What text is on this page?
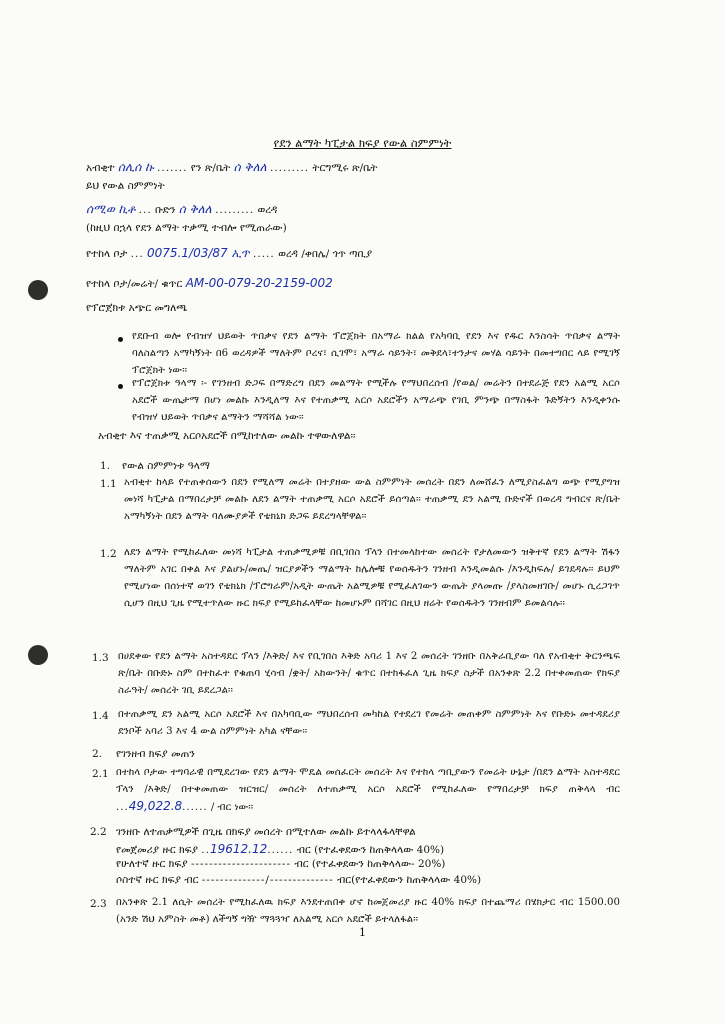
የደን ልማት ካፒታል ክፍያ የውል ስምምነት
አብቂተ ሰሊሰ ኩ ....... የን ጽ/ቤት ሰ ቅለለ ......... ትርግሚሩ ጽ/ቤት
ይህ የውል ስምምነት
ሰሚወ ኪቶ ... ቡድን ሰ ቅለለ ......... ወረዳ
(ከዚህ በኋላ የደን ልማት ተቃሚ ተብሎ የሚጠራው)
የተከላ ቦታ ... 0075.1/03/87 ኢጥ ..... ወረዳ /ቀበሌ/ ጎጥ ጣቢያ
የተከላ ቦታ/መሬት/ ቁጥር AM-00-079-20-2159-002
የፕሮጀክቱ አጭር መግለጫ
የደቡብ ወሎ የብዝሃ ህይወት ጥበቃና የደን ልማት ፕሮጀክት በአማራ ክልል የአካባቢ የደን እና የዱር እንስሳት ጥበቃና ልማት ባለስልጣን አማካኝነት በ6 ወረዳዎች ማለትም ቦረና፣ ሲገሞ፣ አማራ ሳይንት፣ መቅደላ፣ተንታና መሃል ሳይንት በመተግበር ላይ የሚገኝ ፕሮጀክት ነው፡፡
የፕሮጀክቱ ዓላማ ፡- የገንዘብ ድጋፍ በማድረግ በደን መልማት የሚችሉ የማህበረሰብ /የወል/ መሬትን በተደራጅ የደን አልሚ አርሶ አደሮች ውጤታማ በሆነ መልኩ እንዲለማ እና የተጠቃሚ አርሶ አደሮችን አማራጭ የገቢ ምንጭ በማስፋት ጉድኝትን እንዲቀንሱ የብዝሃ ህይወት ጥበቃና ልማትን ማሻሻል ነው፡፡
አብቂተ እና ተጠቃሚ አርሶአደሮች በሚከተለው መልኩ ተዋውለዋል፡፡
1. የውል ስምምነቱ ዓላማ
1.1 አብቂተ ከላይ የተጠቀሰውን በደን የሚለማ መሬት በተያዘው ውል ስምምነት መሰረት በደን ለመሸፈን ለሚያስፈልግ ወጭ የሚያግዝ መነሻ ካፒታል በማበረታቻ መልኩ ለደን ልማት ተጠቃሚ አርሶ አደሮች ይሰጣል፡፡ ተጠቃሚ ደን አልሚ ቡድኖች በወረዳ ግብርና ጽ/ቤት አማካኝነት በደን ልማት ባለሙያዎች የቴክኒክ ድጋፍ ይደረግላቸዋል፡፡
1.2 ለደን ልማት የሚከፈለው መነሻ ካፒታል ተጠቃሚዎቹ በቢገበስ ፕላን በተመላከተው መሰረት የታለመውን ዝቅተኛ የደን ልማት ሽፋን ማለትም አገር በቀል እና ያልሆኑ/መጤ/ ዝርያዎችን ማልማት ከሌሎቹ የወሰዱትን ገንዘብ እንዲመልሱ /እንዲከፍሉ/ ይገደዳሉ፡፡ ይህም የሚሆነው በሰነተኛ ወገን የቴክኒክ /ፕሮግራም/አዲት ውጤት አልሚዎቹ የሚፈለገውን ውጤት ያላመጡ /ያላስመዘገቡ/ መሆኑ ሲረጋገጥ ሲሆን በዚህ ጊዜ የሚተጥለው ዙር ክፍያ የሚይከፈላቸው ከመሆኑም በሻገር በዚህ ዘሬት የወሰዱትን ገንዘብም ይመልሳሉ፡፡
1.3 በሀደቀው የደን ልማት አስተዳደር ፕላን /እቅድ/ እና የቢገበስ እቅድ አባሪ 1 እና 2 መሰረት ገንዘቡ በአቅራቢያው ባለ የአብቂተ ቅርንጫፍ ጽ/ቤት በቡድኑ ስም በተከፈተ የቁጠባ ሂሳብ /ቋት/ አከውንት/ ቁጥር በተከፋፈለ ጊዜ ክፍያ ስታች በአንቀጽ 2.2 በተቀመጠው የክፍያ ስራዓት/ መሰረት ገቢ ይደረጋል፡፡
1.4 በተጠቃሚ ደን አልሚ አርሶ አደሮች እና በአካባቢው ማህበረሰብ መካከል የተደረገ የመሬት መጠቀም ስምምነት እና የቡድኑ መተዳደሪያ ደንቦች አባሪ 3 እና 4 ውል ስምምነት አካል ናቸው፡፡
2. የገንዘብ ክፍያ መጠን
2.1 በተከላ ቦታው ተግባራዊ በሚደረገው የደን ልማት ሞዴል መሰፈርት መሰረት እና የተከላ ጣቢያውን የመሬት ሁኔታ /በደን ልማት አስተዳደር ፕላን /እቅድ/ በተቀመጠው ዝርዝር/ መሰረት ለተጠቃሚ አርሶ አደሮች የሚከፈለው የማበረታቻ ክፍያ ጠቅላላ ብር ...49,022.8...... / ብር ነው፡፡
2.2 ገንዘቡ ለተጠቃሚዎች በጊዜ በክፍያ መሰረት በሚተለው መልኩ ይተላላፋላቸዋል
የመጀመሪያ ዙር ክፍያ ..19612.12...... ብር (የተፈቀደውን ከጠቅላላው 40%)
የሁለተኛ ዙር ክፍያ ---------------------- ብር (የተፈቀደውን ከጠቅላላው- 20%)
ሶስተኛ ዙር ክፍያ ብር --------------/-------------- ብር(የተፈቀደውን ከጠቅላላው 40%)
2.3 በአንቀጽ 2.1 ለሲት መሰረት የሚከፈለዉ ክፍያ እንደተጠበቀ ሆኖ ከመጀመሪያ ዙር 40% ክፍያ በተጨማሪ በሄክታር ብር 1500.00 (አንድ ሽህ አምስት መቶ) ለችግኝ ግዥ ማጓጓዣ ለአልሚ አርሶ አደሮች ይተላለፋል፡፡
1
